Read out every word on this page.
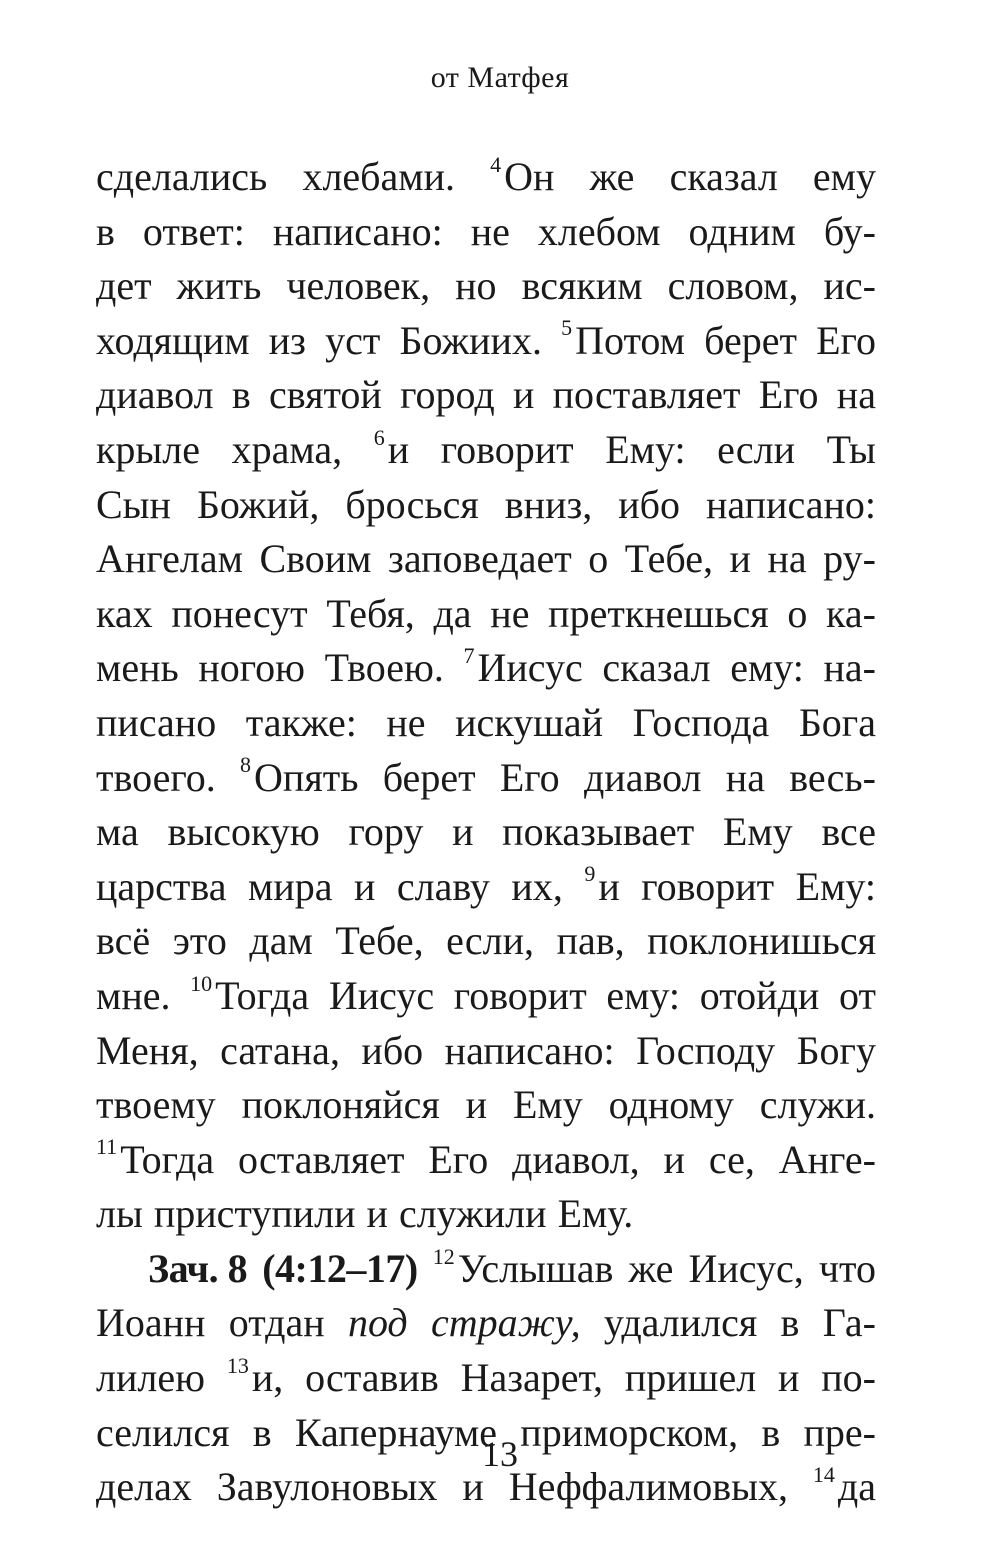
от Матфея
сделались хлебами. $^4$Он же сказал ему
в ответ: написано: не хлебом одним бу-
дет жить человек, но всяким словом, ис-
ходящим из уст Божиих. $^5$Потом берет Его
диавол в святой город и поставляет Его на
крыле храма, $^6$и говорит Ему: если Ты
Сын Божий, бросься вниз, ибо написано:
Ангелам Своим заповедает о Тебе, и на ру-
ках понесут Тебя, да не преткнешься о ка-
мень ногою Твоею. $^7$Иисус сказал ему: на-
писано также: не искушай Господа Бога
твоего. $^8$Опять берет Его диавол на весь-
ма высокую гору и показывает Ему все
царства мира и славу их, $^9$и говорит Ему:
всё это дам Тебе, если, пав, поклонишься
мне. $^{10}$Тогда Иисус говорит ему: отойди от
Меня, сатана, ибо написано: Господу Богу
твоему поклоняйся и Ему одному служи.
$^{11}$Тогда оставляет Его диавол, и се, Анге-
лы приступили и служили Ему.
Зач. 8 (4:12–17) $^{12}$Услышав же Иисус, что
Иоанн отдан под стражу, удалился в Га-
лилею $^{13}$и, оставив Назарет, пришел и по-
селился в Капернауме приморском, в пре-
делах Завулоновых и Неффалимовых, $^{14}$да
13
